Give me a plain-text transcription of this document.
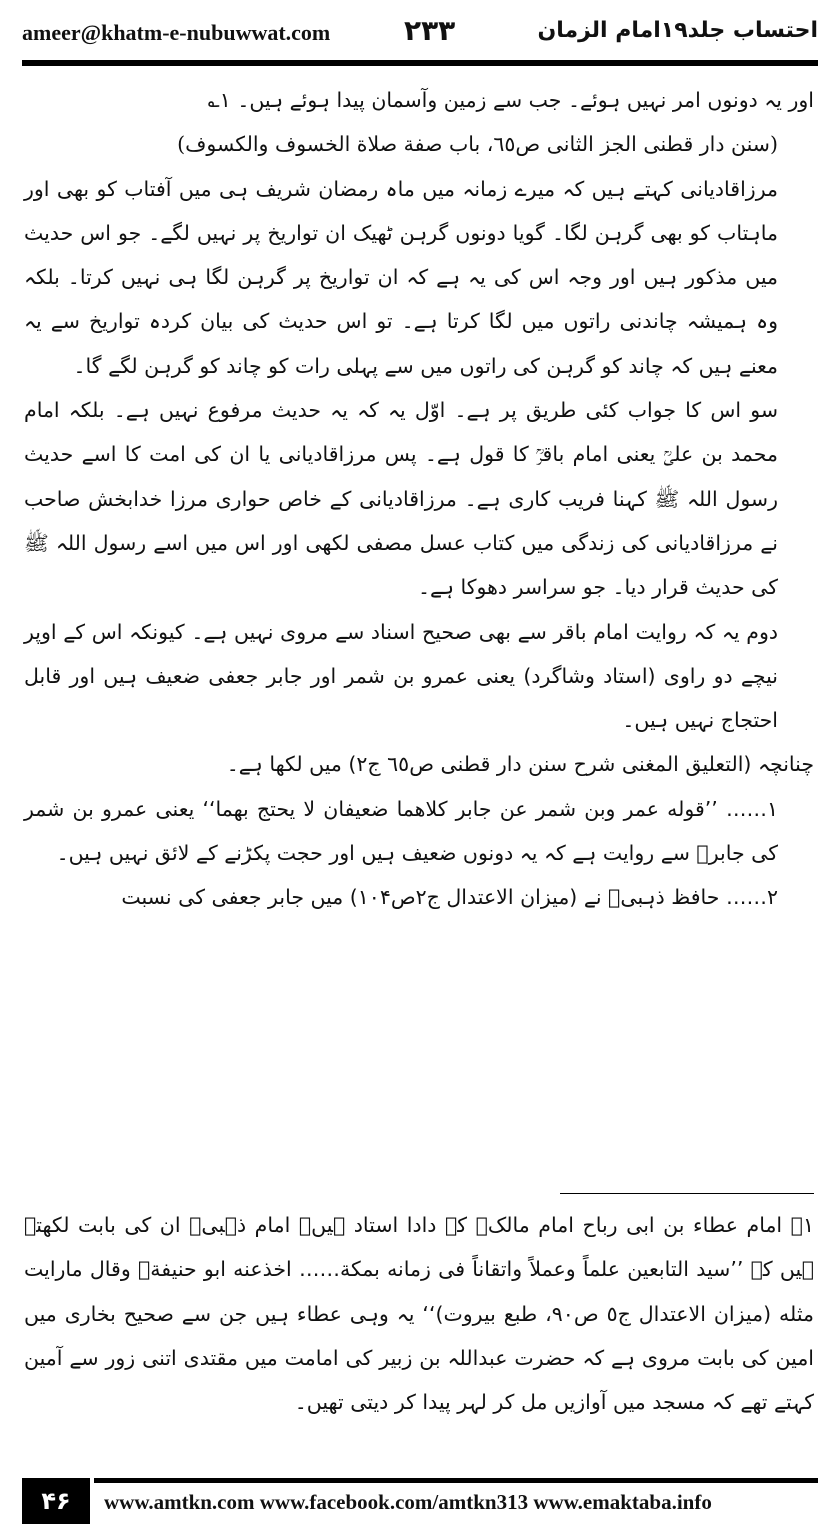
ameer@khatm-e-nubuwwat.com	۲۳۳	احتساب جلد۱۹امام الزمان

اور یہ دونوں امر نہیں ہوئے۔ جب سے زمین وآسمان پیدا ہوئے ہیں۔ ۱؎

(سنن دار قطنی الجز الثانی ص٦٥، باب صفة صلاة الخسوف والكسوف)

مرزاقادیانی کہتے ہیں کہ میرے زمانہ میں ماہ رمضان شریف ہی میں آفتاب کو بھی اور ماہتاب کو بھی گرہن لگا۔ گویا دونوں گرہن ٹھیک ان تواریخ پر نہیں لگے۔ جو اس حدیث میں مذکور ہیں اور وجہ اس کی یہ ہے کہ ان تواریخ پر گرہن لگا ہی نہیں کرتا۔ بلکہ وہ ہمیشہ چاندنی راتوں میں لگا کرتا ہے۔ تو اس حدیث کی بیان کردہ تواریخ سے یہ معنے ہیں کہ چاند کو گرہن کی راتوں میں سے پہلی رات کو چاند کو گرہن لگے گا۔

سو اس کا جواب کئی طریق پر ہے۔ اوّل یہ کہ یہ حدیث مرفوع نہیں ہے۔ بلکہ امام محمد بن علیؒ یعنی امام باقرؒ کا قول ہے۔ پس مرزاقادیانی یا ان کی امت کا اسے حدیث رسول اللہ ﷺ کہنا فریب کاری ہے۔ مرزاقادیانی کے خاص حواری مرزا خدابخش صاحب نے مرزاقادیانی کی زندگی میں کتاب عسل مصفی لکھی اور اس میں اسے رسول اللہ ﷺ کی حدیث قرار دیا۔ جو سراسر دھوکا ہے۔

دوم یہ کہ روایت امام باقر سے بھی صحیح اسناد سے مروی نہیں ہے۔ کیونکہ اس کے اوپر نیچے دو راوی (استاد وشاگرد) یعنی عمرو بن شمر اور جابر جعفی ضعیف ہیں اور قابل احتجاج نہیں ہیں۔

چنانچہ (التعليق المغنى شرح سنن دار قطنى ص٦٥ ج٢) میں لکھا ہے۔

۱…… ’’قوله عمر وبن شمر عن جابر كلاهما ضعيفان لا يحتج بهما‘‘ یعنی عمرو بن شمر کی جابرؒ سے روایت ہے کہ یہ دونوں ضعیف ہیں اور حجت پکڑنے کے لائق نہیں ہیں۔

۲…… حافظ ذہبیؒ نے (میزان الاعتدال ج۲ص۱۰۴) میں جابر جعفی کی نسبت

۱؎ امام عطاء بن ابی رباح امام مالکؒ کے دادا استاد ہیں۔ امام ذہبیؒ ان کی بابت لکھتے ہیں کہ ’’سيد التابعين علماً وعملاً واتقاناً فى زمانه بمكة…… اخذعنه ابو حنيفةؒ وقال مارايت مثله (ميزان الاعتدال ج٥ ص٩٠، طبع بيروت)‘‘ یہ وہی عطاء ہیں جن سے صحیح بخاری میں امین کی بابت مروی ہے کہ حضرت عبداللہ بن زبیر کی امامت میں مقتدی اتنی زور سے آمین کہتے تھے کہ مسجد میں آوازیں مل کر لہر پیدا کر دیتی تھیں۔

۴۶	www.amtkn.com www.facebook.com/amtkn313 www.emaktaba.info
